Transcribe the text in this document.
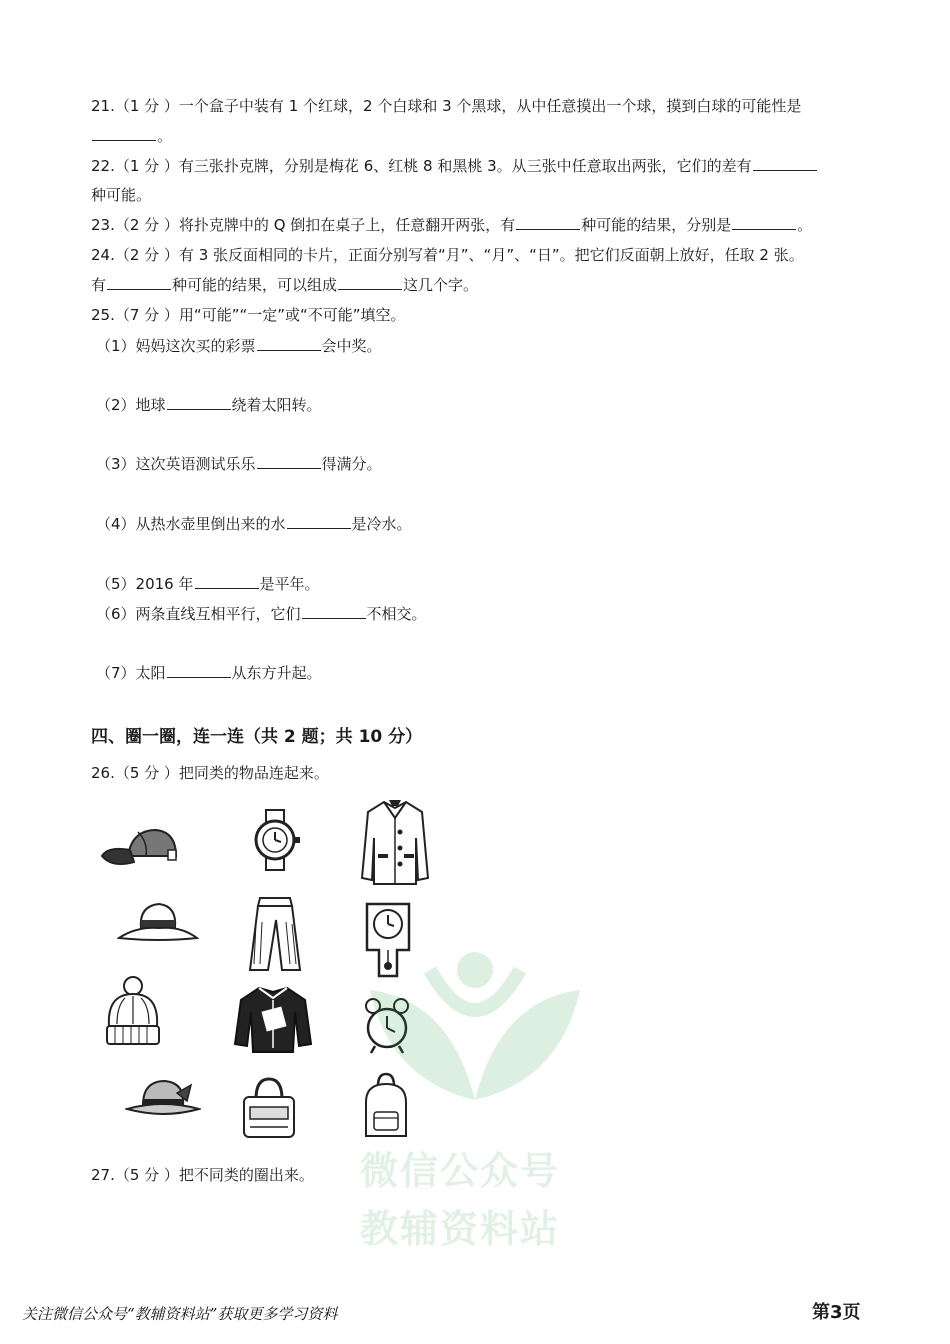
21.（1 分 ）一个盒子中装有 1 个红球，2 个白球和 3 个黑球，从中任意摸出一个球，摸到白球的可能性是
。
22.（1 分 ）有三张扑克牌，分别是梅花 6、红桃 8 和黑桃 3。从三张中任意取出两张，它们的差有
种可能。
23.（2 分 ）将扑克牌中的 Q 倒扣在桌子上，任意翻开两张，有	种可能的结果，分别是	。
24.（2 分 ）有 3 张反面相同的卡片，正面分别写着“月”、“月”、“日”。把它们反面朝上放好，任取 2 张。
有	种可能的结果，可以组成	这几个字。
25.（7 分 ）用“可能”“一定”或“不可能”填空。
（1）妈妈这次买的彩票	会中奖。
（2）地球	绕着太阳转。
（3）这次英语测试乐乐	得满分。
（4）从热水壶里倒出来的水	是冷水。
（5）2016 年	是平年。
（6）两条直线互相平行，它们	不相交。
（7）太阳	从东方升起。
四、圈一圈，连一连（共 2 题；共 10 分）
26.（5 分 ）把同类的物品连起来。
微信公众号
教辅资料站
27.（5 分 ）把不同类的圈出来。
关注微信公众号“教辅资料站”获取更多学习资料	第3页
